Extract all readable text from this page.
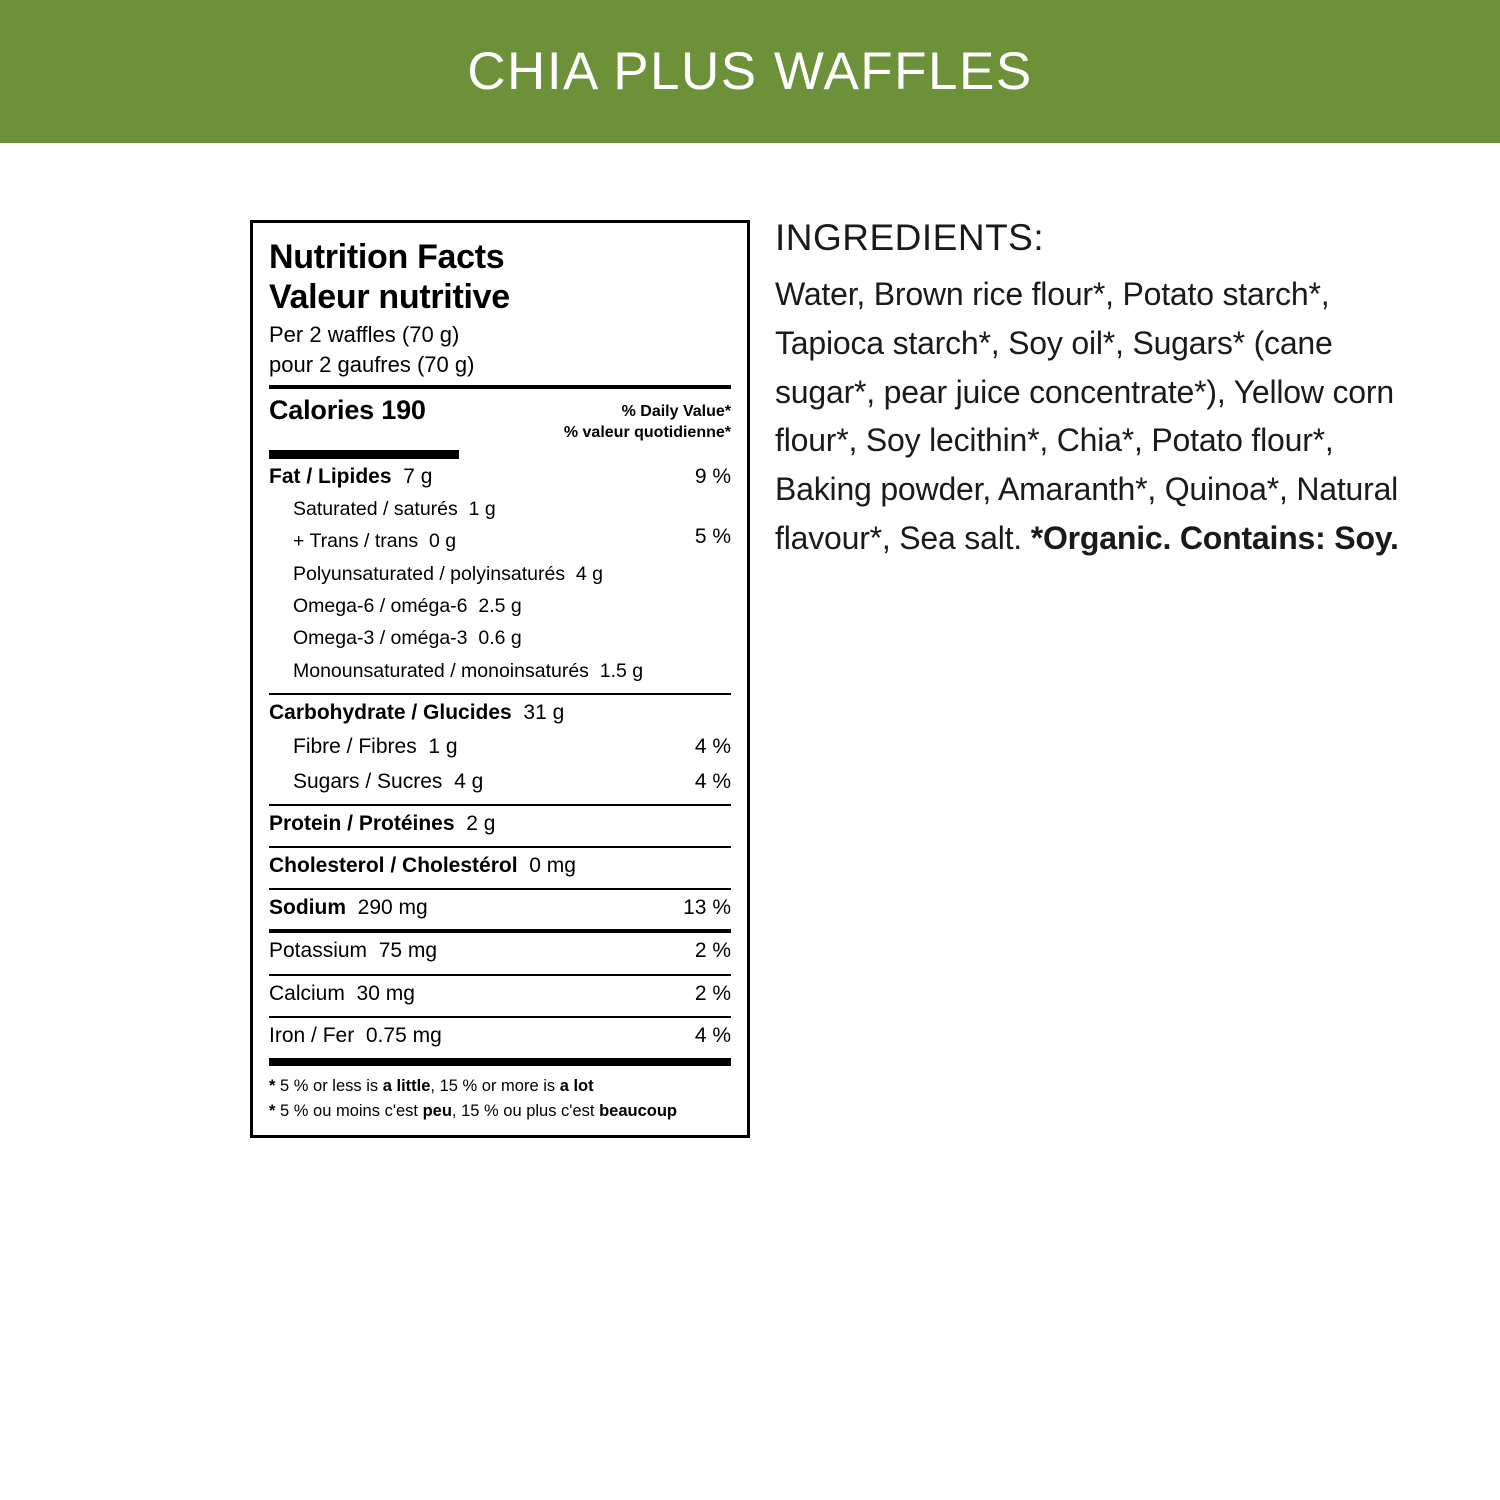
CHIA PLUS WAFFLES
Nutrition Facts
Valeur nutritive
Per 2 waffles (70 g)
pour 2 gaufres (70 g)
Calories 190	% Daily Value*
% valeur quotidienne*
Fat / Lipides 7 g	9 %
Saturated / saturés 1 g
+ Trans / trans 0 g	5 %
Polyunsaturated / polyinsaturés 4 g
Omega-6 / oméga-6 2.5 g
Omega-3 / oméga-3 0.6 g
Monounsaturated / monoinsaturés 1.5 g
Carbohydrate / Glucides 31 g
Fibre / Fibres 1 g	4 %
Sugars / Sucres 4 g	4 %
Protein / Protéines 2 g
Cholesterol / Cholestérol 0 mg
Sodium 290 mg	13 %
Potassium 75 mg	2 %
Calcium 30 mg	2 %
Iron / Fer 0.75 mg	4 %
* 5 % or less is a little, 15 % or more is a lot
* 5 % ou moins c'est peu, 15 % ou plus c'est beaucoup
INGREDIENTS:
Water, Brown rice flour*, Potato starch*, Tapioca starch*, Soy oil*, Sugars* (cane sugar*, pear juice concentrate*), Yellow corn flour*, Soy lecithin*, Chia*, Potato flour*, Baking powder, Amaranth*, Quinoa*, Natural flavour*, Sea salt. *Organic. Contains: Soy.
